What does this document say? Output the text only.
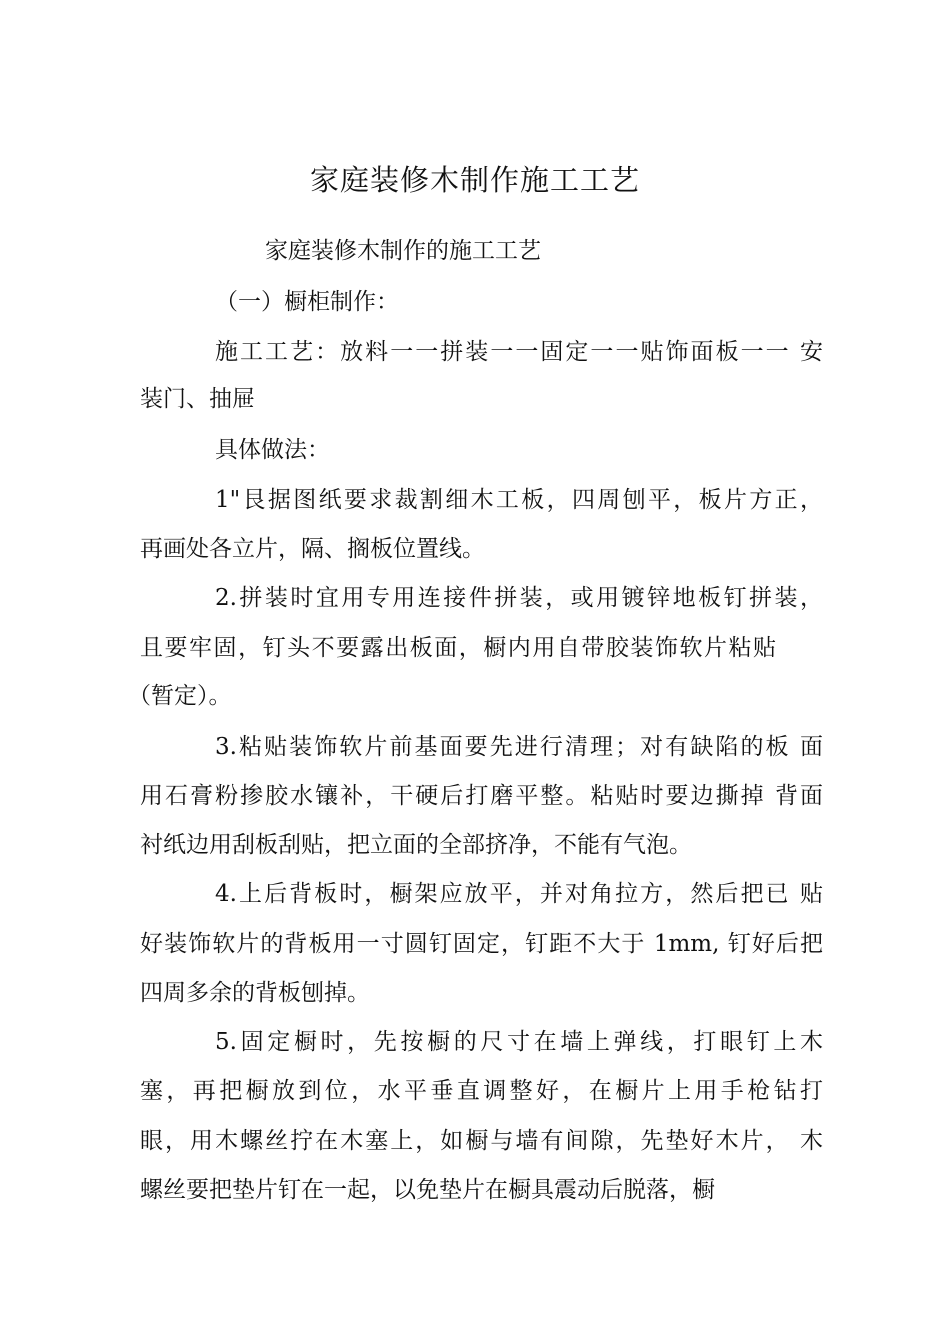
家庭装修木制作施工工艺
家庭装修木制作的施工工艺
（一）橱柜制作：
施工工艺：放料一一拼装一一固定一一贴饰面板一一 安
装门、抽屉
具体做法：
1"艮据图纸要求裁割细木工板，四周刨平，板片方正，
再画处各立片，隔、搁板位置线。
2.拼装时宜用专用连接件拼装，或用镀锌地板钉拼装，
且要牢固，钉头不要露出板面，橱内用自带胶装饰软片粘贴
（暂定）。
3.粘贴装饰软片前基面要先进行清理；对有缺陷的板 面
用石膏粉掺胶水镶补，干硬后打磨平整。粘贴时要边撕掉 背面
衬纸边用刮板刮贴，把立面的全部挤净，不能有气泡。
4.上后背板时，橱架应放平，并对角拉方，然后把已 贴
好装饰软片的背板用一寸圆钉固定，钉距不大于 1mm, 钉好后把
四周多余的背板刨掉。
5.固定橱时，先按橱的尺寸在墙上弹线，打眼钉上木
塞，再把橱放到位，水平垂直调整好，在橱片上用手枪钻打
眼，用木螺丝拧在木塞上，如橱与墙有间隙，先垫好木片， 木
螺丝要把垫片钉在一起，以免垫片在橱具震动后脱落，橱
